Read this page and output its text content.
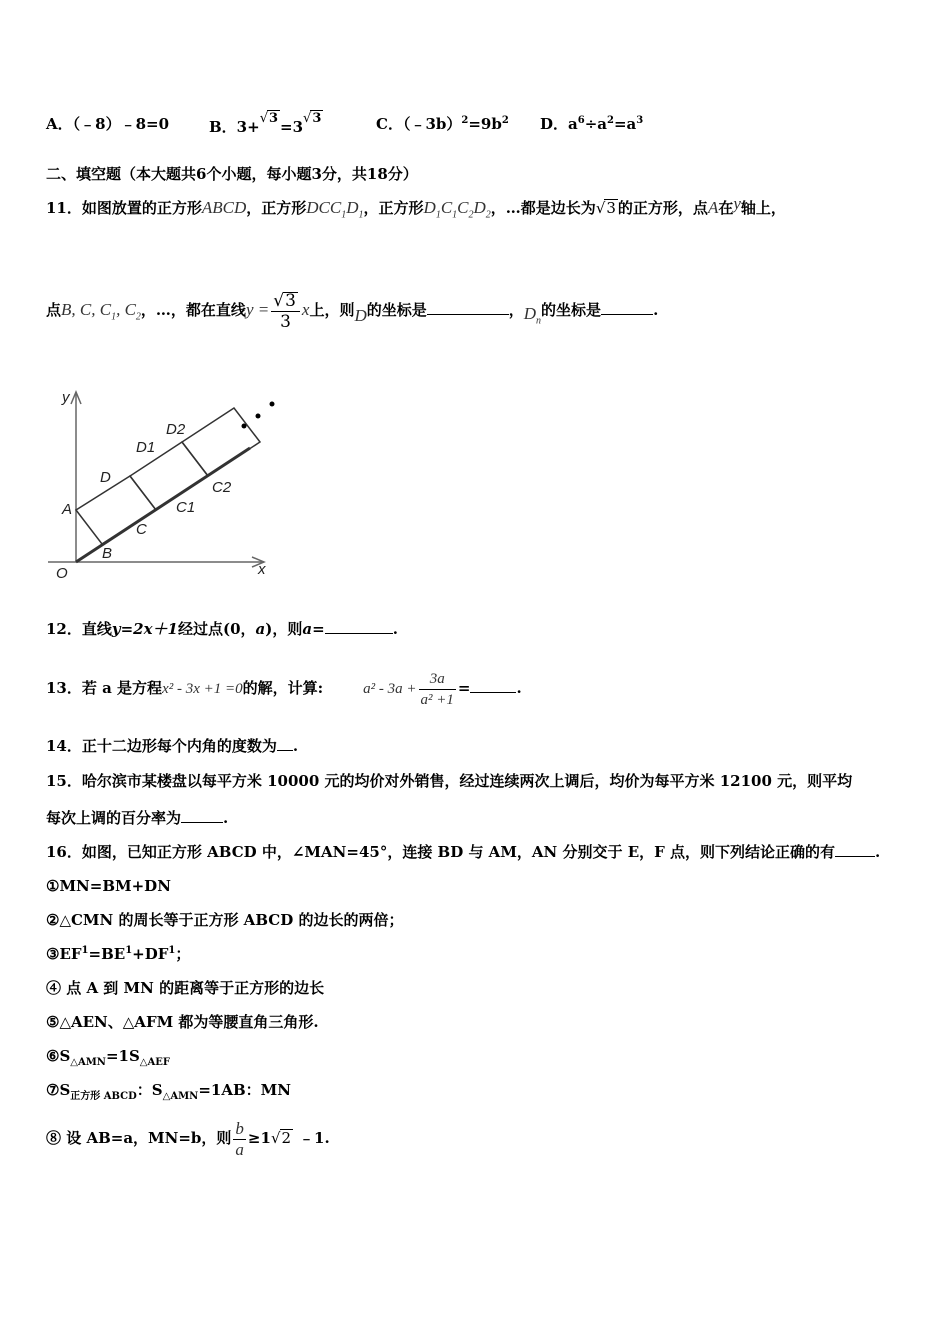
A．（﹣8）﹣8=0	B．$3+^{√3} =3^{√3}$	C．$(﹣3b)^2=9b^2$ D．$a^6\div a^2=a^3$
二、填空题（本大题共6个小题，每小题3分，共18分）
11．如图放置的正方形ABCD，正方形$DCC_1D_1$，正方形$D_1C_1C_2D_2$，…都是边长为√3 的正方形，点A在y轴上，
点B, C, $C_1$, $C_2$，…，都在直线$y = \frac{√3}{3}$ x上，则D的坐标是	，$D_n$的坐标是	.
y
x
O
A
B
C
D
C1
D1
C2
D2
12．直线y=2x＋1经过点(0，a)，则a=	.
13．若 a 是方程x² - 3x +1 =0的解，计算:	$a^2 - 3a + \frac{3a}{\text{a² +1}}$ =	.
14．正十二边形每个内角的度数为 .
15．哈尔滨市某楼盘以每平方米 10000 元的均价对外销售，经过连续两次上调后，均价为每平方米 12100 元，则平均
每次上调的百分率为	.
16．如图，已知正方形 ABCD 中，∠MAN=45°，连接 BD 与 AM，AN 分别交于 E，F 点，则下列结论正确的有	.
①MN=BM+DN
②△CMN 的周长等于正方形 ABCD 的边长的两倍；
$③EF^1=BE^1+DF^1$；
④ 点 A 到 MN 的距离等于正方形的边长
⑤△AEN、△AFM 都为等腰直角三角形.
$⑥S_{\triangle AMN}=1S_{\triangle AEF}$
$⑦S_{正方形 ABCD}$：$S_{\triangle AMN}=1AB$：MN
⑧ 设 AB=a，MN=b，则 $\frac{b}{a} \ge 1√2$ ﹣1.
